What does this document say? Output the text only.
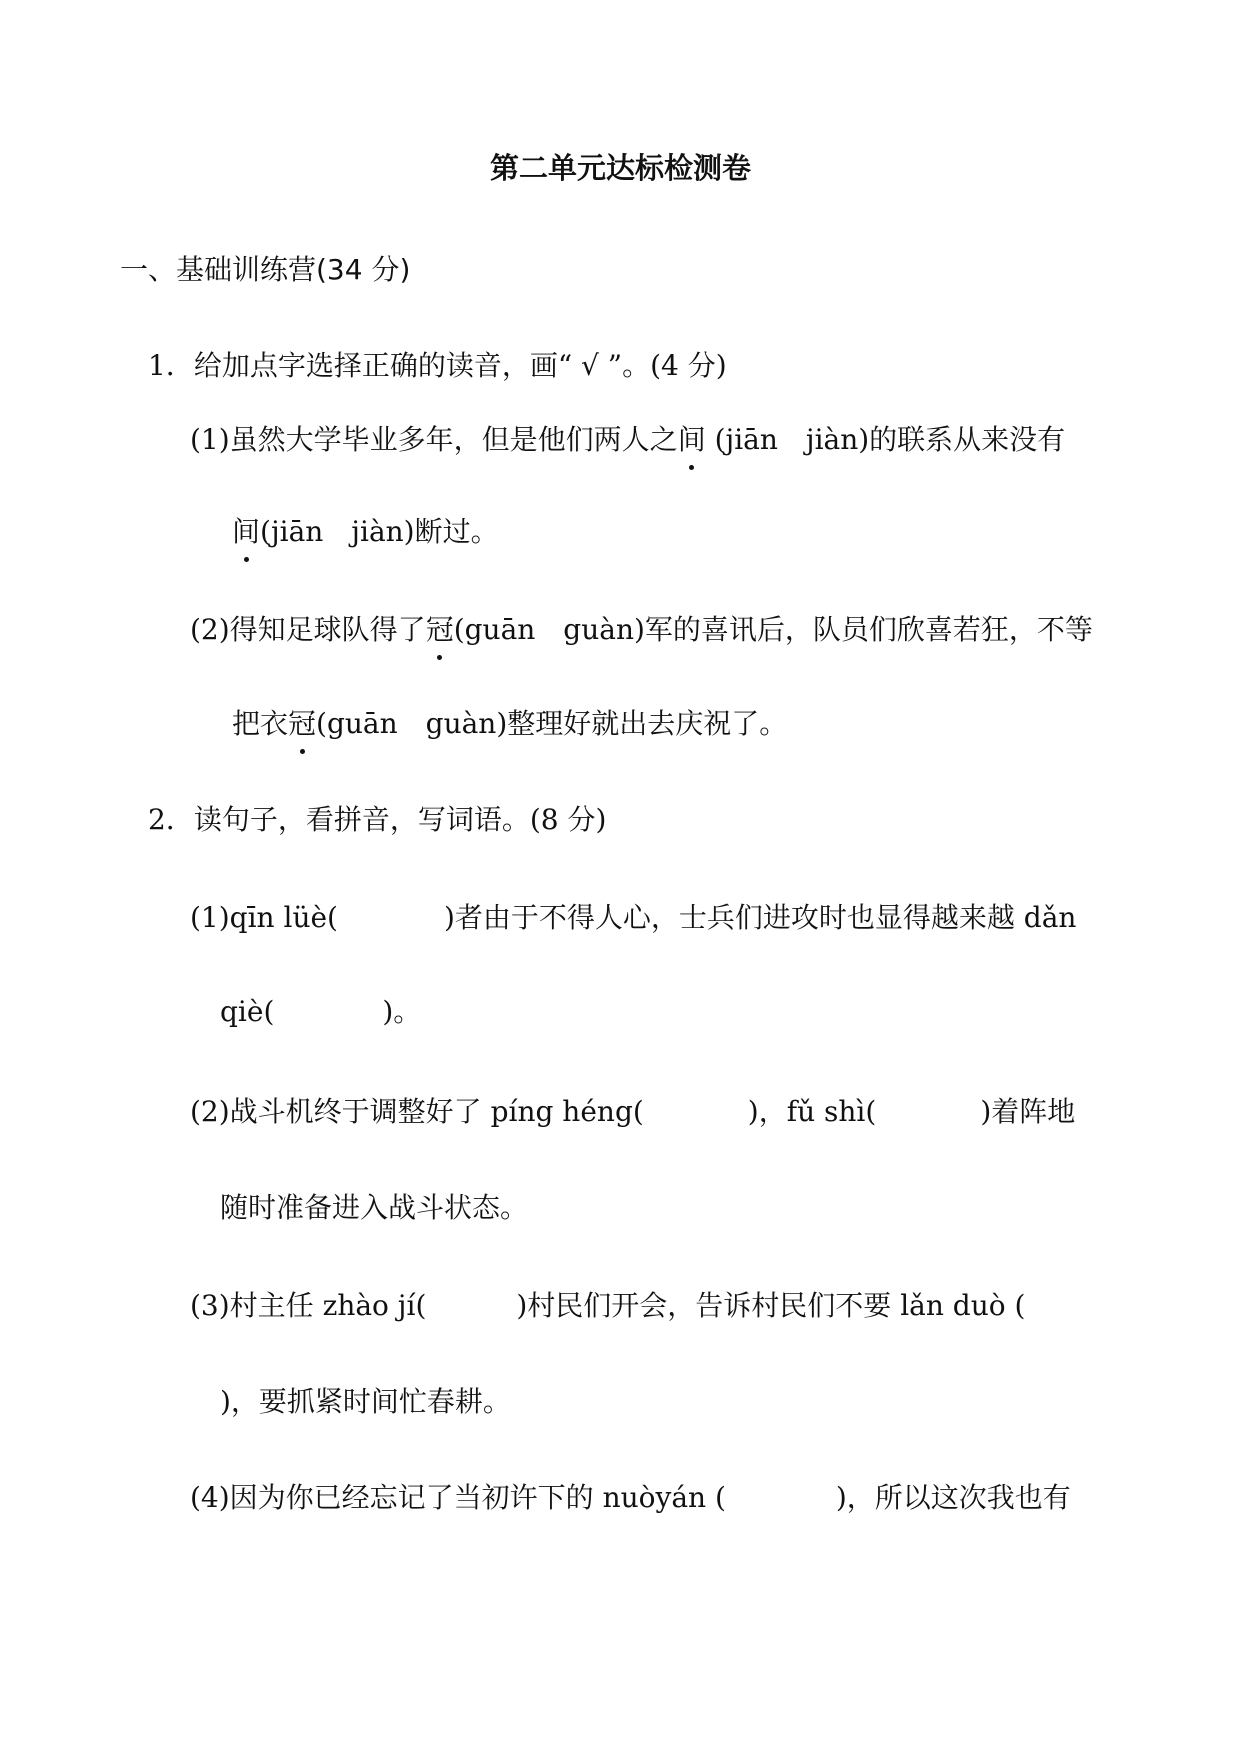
第二单元达标检测卷
一、基础训练营(34 分)
1．给加点字选择正确的读音，画“ √ ”。(4 分)
(1)虽然大学毕业多年，但是他们两人之间 (jiān　jiàn)的联系从来没有
间(jiān　jiàn)断过。
(2)得知足球队得了冠(guān　guàn)军的喜讯后，队员们欣喜若狂，不等
把衣冠(guān　guàn)整理好就出去庆祝了。
2．读句子，看拼音，写词语。(8 分)
(1)qīn lüè(	)者由于不得人心，士兵们进攻时也显得越来越 dǎn
qiè(	)。
(2)战斗机终于调整好了 píng héng(	)，fǔ shì(	)着阵地
随时准备进入战斗状态。
(3)村主任 zhào jí(	)村民们开会，告诉村民们不要 lǎn duò (
)，要抓紧时间忙春耕。
(4)因为你已经忘记了当初许下的 nuòyán (	)，所以这次我也有
